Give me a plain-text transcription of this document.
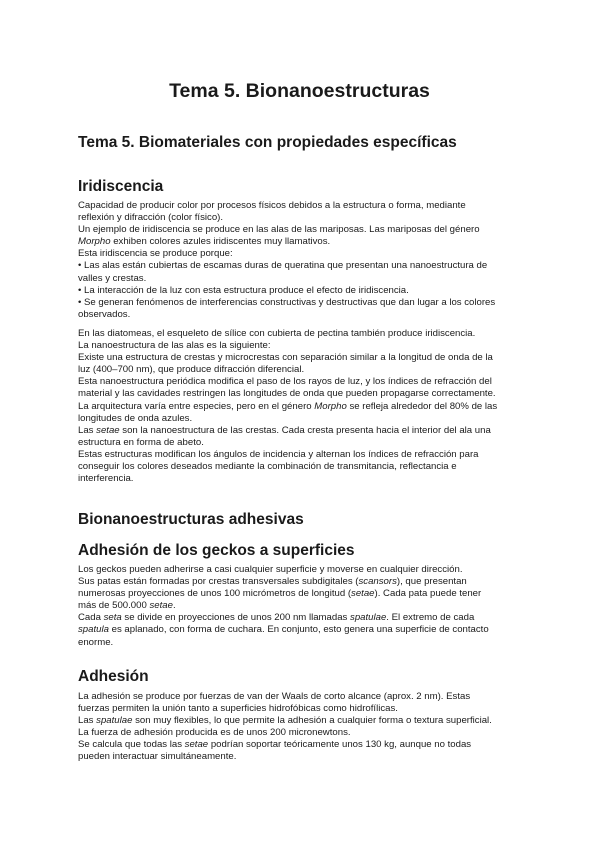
Tema 5. Bionanoestructuras
Tema 5. Biomateriales con propiedades específicas
Iridiscencia

Capacidad de producir color por procesos físicos debidos a la estructura o forma, mediante

reflexión y difracción (color físico).

Un ejemplo de iridiscencia se produce en las alas de las mariposas. Las mariposas del género

Morpho exhiben colores azules iridiscentes muy llamativos.

Esta iridiscencia se produce porque:

• Las alas están cubiertas de escamas duras de queratina que presentan una nanoestructura de

valles y crestas.

• La interacción de la luz con esta estructura produce el efecto de iridiscencia.

• Se generan fenómenos de interferencias constructivas y destructivas que dan lugar a los colores

observados.

En las diatomeas, el esqueleto de sílice con cubierta de pectina también produce iridiscencia.

La nanoestructura de las alas es la siguiente:

Existe una estructura de crestas y microcrestas con separación similar a la longitud de onda de la

luz (400–700 nm), que produce difracción diferencial.

Esta nanoestructura periódica modifica el paso de los rayos de luz, y los índices de refracción del

material y las cavidades restringen las longitudes de onda que pueden propagarse correctamente.

La arquitectura varía entre especies, pero en el género Morpho se refleja alrededor del 80% de las

longitudes de onda azules.

Las setae son la nanoestructura de las crestas. Cada cresta presenta hacia el interior del ala una

estructura en forma de abeto.

Estas estructuras modifican los ángulos de incidencia y alternan los índices de refracción para

conseguir los colores deseados mediante la combinación de transmitancia, reflectancia e

interferencia.

Bionanoestructuras adhesivas
Adhesión de los geckos a superficies

Los geckos pueden adherirse a casi cualquier superficie y moverse en cualquier dirección.

Sus patas están formadas por crestas transversales subdigitales (scansors), que presentan

numerosas proyecciones de unos 100 micrómetros de longitud (setae). Cada pata puede tener

más de 500.000 setae.

Cada seta se divide en proyecciones de unos 200 nm llamadas spatulae. El extremo de cada

spatula es aplanado, con forma de cuchara. En conjunto, esto genera una superficie de contacto

enorme.

Adhesión

La adhesión se produce por fuerzas de van der Waals de corto alcance (aprox. 2 nm). Estas

fuerzas permiten la unión tanto a superficies hidrofóbicas como hidrofílicas.

Las spatulae son muy flexibles, lo que permite la adhesión a cualquier forma o textura superficial.

La fuerza de adhesión producida es de unos 200 micronewtons.

Se calcula que todas las setae podrían soportar teóricamente unos 130 kg, aunque no todas

pueden interactuar simultáneamente.
